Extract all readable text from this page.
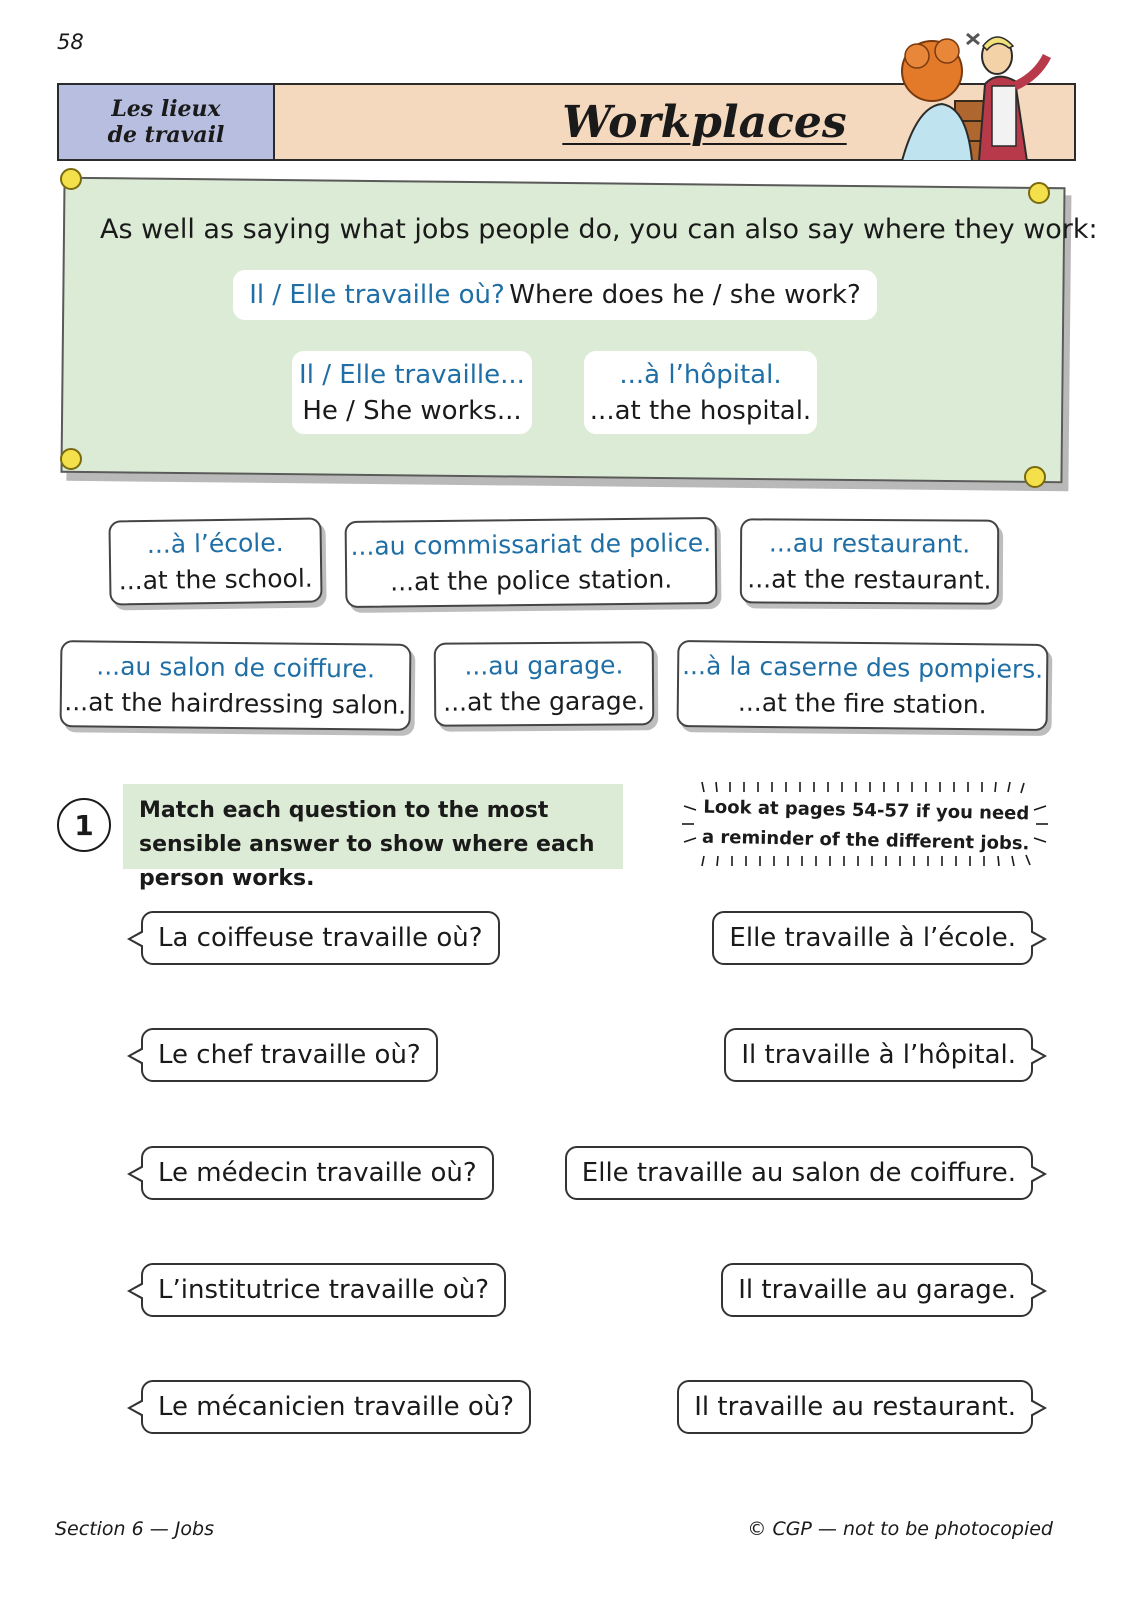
58
Les lieux
de travail	Workplaces
As well as saying what jobs people do, you can also say where they work:
Il / Elle travaille où? Where does he / she work?
Il / Elle travaille...
He / She works...
...à l’hôpital.
...at the hospital.
...à l’école.
...at the school.
...au commissariat de police.
...at the police station.
...au restaurant.
...at the restaurant.
...au salon de coiffure.
...at the hairdressing salon.
...au garage.
...at the garage.
...à la caserne des pompiers.
...at the fire station.
1	Match each question to the most sensible answer to show where each person works.
Look at pages 54-57 if you need a reminder of the different jobs.
La coiffeuse travaille où?
Le chef travaille où?
Le médecin travaille où?
L’institutrice travaille où?
Le mécanicien travaille où?
Elle travaille à l’école.
Il travaille à l’hôpital.
Elle travaille au salon de coiffure.
Il travaille au garage.
Il travaille au restaurant.
Section 6 — Jobs	© CGP — not to be photocopied
